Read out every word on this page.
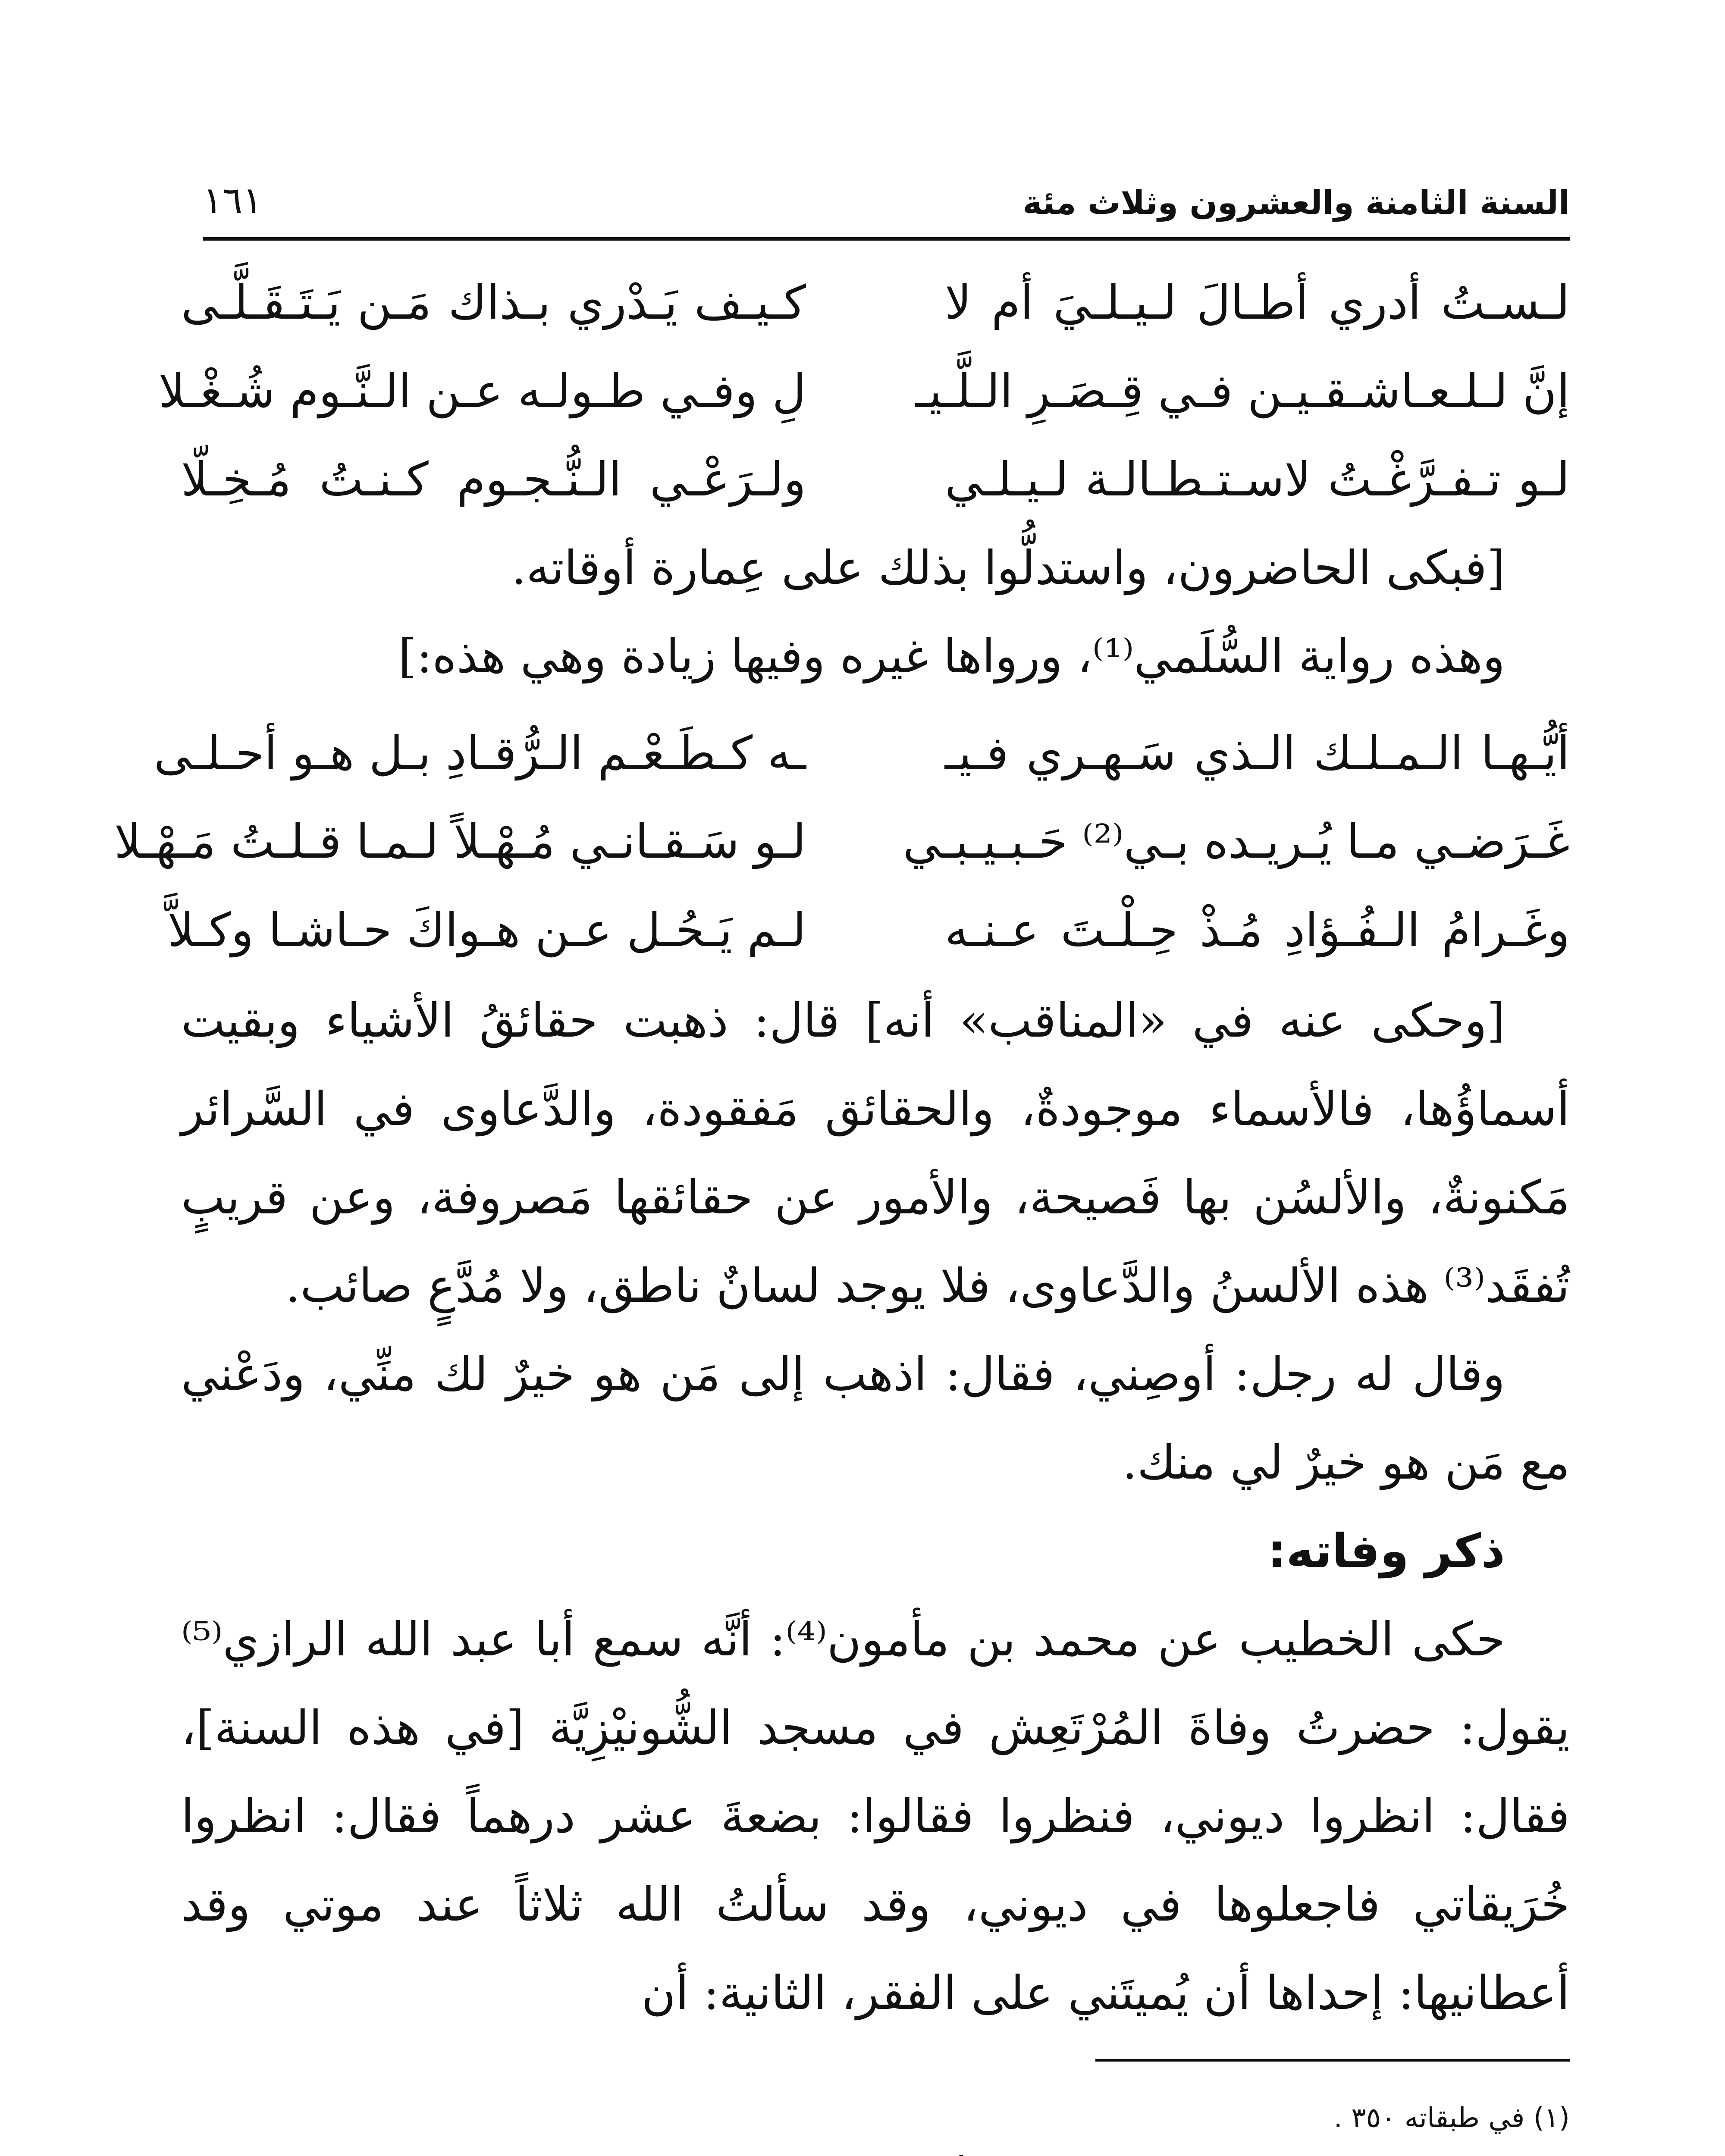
السنة الثامنة والعشرون وثلاث مئة
١٦١
لـسـتُ أدري أطـالَ لـيـلـيَ أم لا
كـيـف يَـدْري بـذاك مَـن يَـتَـقَـلَّـى
إنَّ لـلـعـاشـقـيـن فـي قِـصَـرِ الـلَّـيـ
لِ وفـي طـولـه عـن الـنَّـوم شُـغْـلا
لـو تـفـرَّغْـتُ لاسـتـطـالـة لـيـلـي
ولـرَعْـي الـنُّـجـوم كـنـتُ مُـخِـلّا

[فبكى الحاضرون، واستدلُّوا بذلك على عِمارة أوقاته.

وهذه رواية السُّلَمي⁽¹⁾، ورواها غيره وفيها زيادة وهي هذه:]

أيُّـهـا الـمـلـك الـذي سَـهـري فـيـ
ـه كـطَـعْـم الـرُّقـادِ بـل هـو أحـلـى
غَـرَضـي مـا يُـريـده بـي⁽²⁾ حَـبـيـبـي
لـو سَـقـانـي مُـهْـلاً لـمـا قـلـتُ مَـهْـلا
وغَـرامُ الـفُـؤادِ مُـذْ حِـلْـتَ عـنـه
لـم يَـحُـل عـن هـواكَ حـاشـا وكـلاَّ

[وحكى عنه في «المناقب» أنه] قال: ذهبت حقائقُ الأشياء وبقيت أسماؤُها، فالأسماء موجودةٌ، والحقائق مَفقودة، والدَّعاوى في السَّرائر مَكنونةٌ، والألسُن بها فَصيحة، والأمور عن حقائقها مَصروفة، وعن قريبٍ تُفقَد⁽³⁾ هذه الألسنُ والدَّعاوى، فلا يوجد لسانٌ ناطق، ولا مُدَّعٍ صائب.

وقال له رجل: أوصِني، فقال: اذهب إلى مَن هو خيرٌ لك منِّي، ودَعْني مع مَن هو خيرٌ لي منك.

ذكر وفاته:

حكى الخطيب عن محمد بن مأمون⁽⁴⁾: أنَّه سمع أبا عبد الله الرازي⁽⁵⁾ يقول: حضرتُ وفاةَ المُرْتَعِش في مسجد الشُّونيْزِيَّة [في هذه السنة]، فقال: انظروا ديوني، فنظروا فقالوا: بضعةَ عشر درهماً فقال: انظروا خُرَيقاتي فاجعلوها في ديوني، وقد سألتُ الله ثلاثاً عند موتي وقد أعطانيها: إحداها أن يُميتَني على الفقر، الثانية: أن

(١) في طبقاته ٣٥٠ .
